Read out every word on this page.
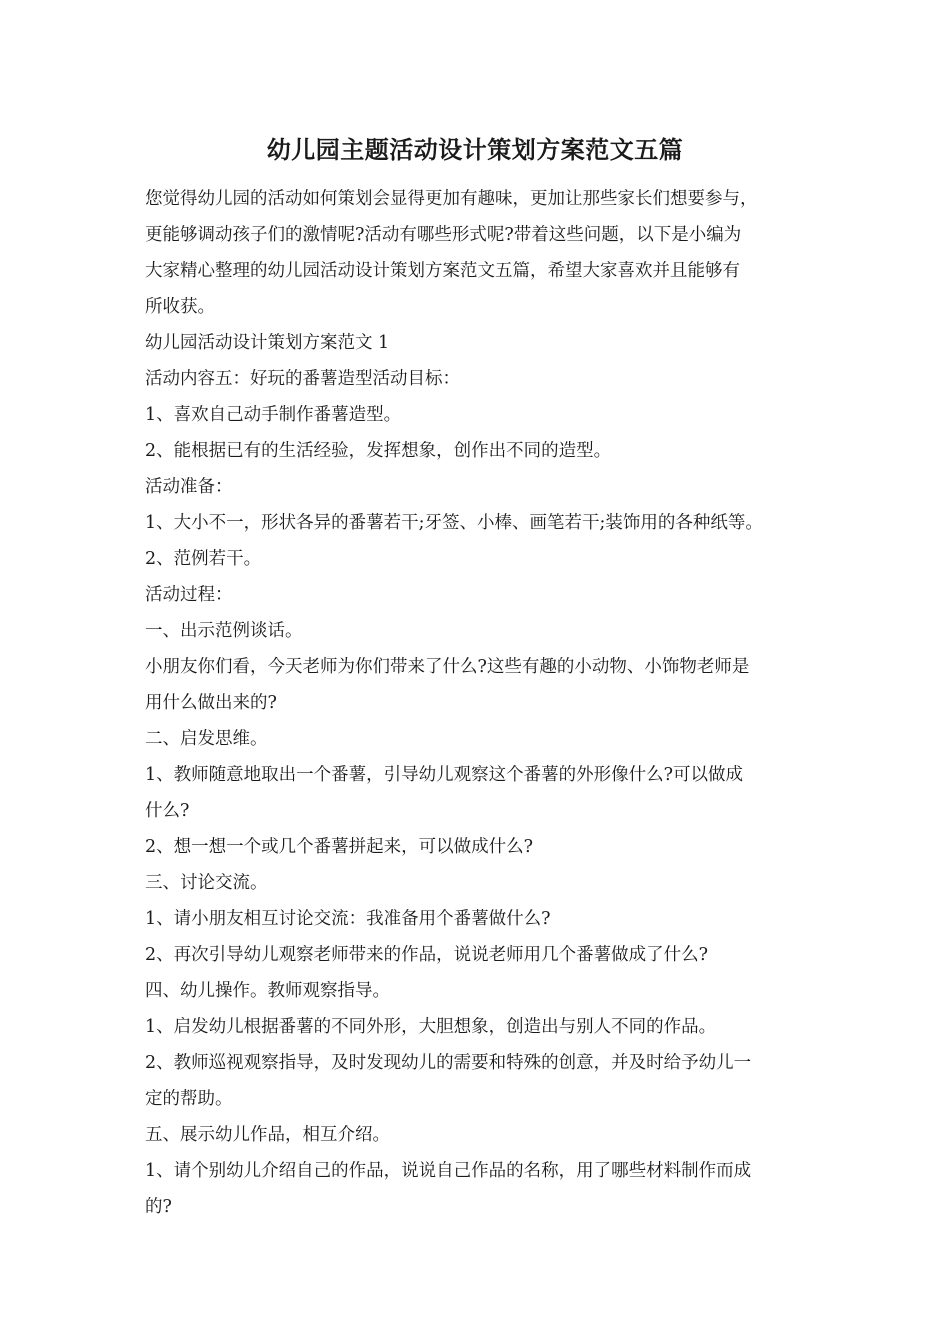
幼儿园主题活动设计策划方案范文五篇

您觉得幼儿园的活动如何策划会显得更加有趣味，更加让那些家长们想要参与，

更能够调动孩子们的激情呢?活动有哪些形式呢?带着这些问题，以下是小编为

大家精心整理的幼儿园活动设计策划方案范文五篇，希望大家喜欢并且能够有

所收获。

幼儿园活动设计策划方案范文 1

活动内容五：好玩的番薯造型活动目标：

1、喜欢自己动手制作番薯造型。

2、能根据已有的生活经验，发挥想象，创作出不同的造型。

活动准备：

1、大小不一，形状各异的番薯若干;牙签、小棒、画笔若干;装饰用的各种纸等。

2、范例若干。

活动过程：

一、出示范例谈话。

小朋友你们看，今天老师为你们带来了什么?这些有趣的小动物、小饰物老师是

用什么做出来的?

二、启发思维。

1、教师随意地取出一个番薯，引导幼儿观察这个番薯的外形像什么?可以做成

什么?

2、想一想一个或几个番薯拼起来，可以做成什么?

三、讨论交流。

1、请小朋友相互讨论交流：我准备用个番薯做什么?

2、再次引导幼儿观察老师带来的作品，说说老师用几个番薯做成了什么?

四、幼儿操作。教师观察指导。

1、启发幼儿根据番薯的不同外形，大胆想象，创造出与别人不同的作品。

2、教师巡视观察指导，及时发现幼儿的需要和特殊的创意，并及时给予幼儿一

定的帮助。

五、展示幼儿作品，相互介绍。

1、请个别幼儿介绍自己的作品，说说自己作品的名称，用了哪些材料制作而成

的?
